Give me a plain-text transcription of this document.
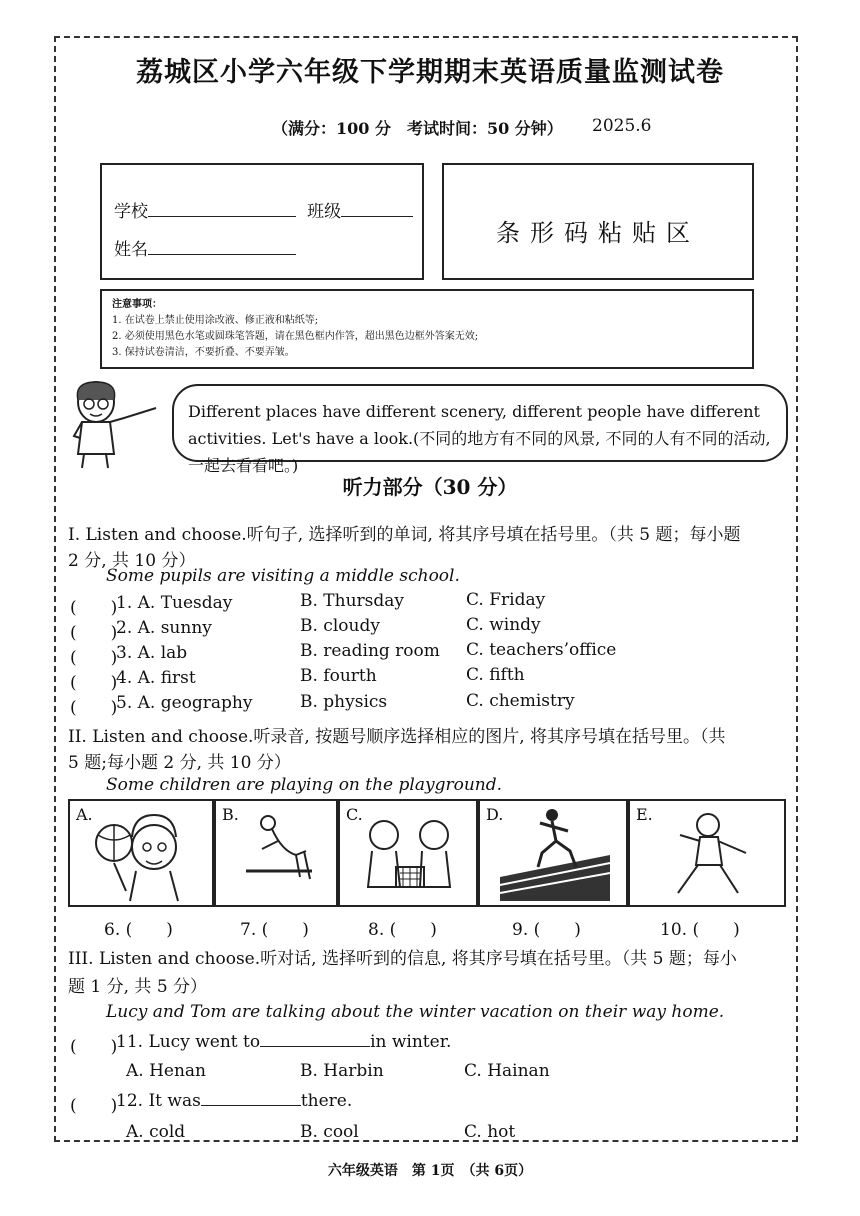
荔城区小学六年级下学期期末英语质量监测试卷
（满分：100 分　考试时间：50 分钟） 2025.6
学校	班级
姓名
条形码粘贴区
注意事项：
1. 在试卷上禁止使用涂改液、修正液和粘纸等;
2. 必须使用黑色水笔或圆珠笔答题，请在黑色框内作答，超出黑色边框外答案无效;
3. 保持试卷清洁，不要折叠、不要弄皱。
Different places have different scenery, different people have different activities. Let's have a look.(不同的地方有不同的风景, 不同的人有不同的活动, 一起去看看吧。)
听力部分（30 分）
I. Listen and choose.听句子, 选择听到的单词, 将其序号填在括号里。（共 5 题；每小题
2 分, 共 10 分）
Some pupils are visiting a middle school.
(　　)
1. A. Tuesday	B. Thursday	C. Friday
(　　)
2. A. sunny	B. cloudy	C. windy
(　　)
3. A. lab	B. reading room C. teachers’office
(　　)
4. A. first	B. fourth	C. fifth
(　　)
5. A. geography	B. physics	C. chemistry
II. Listen and choose.听录音, 按题号顺序选择相应的图片, 将其序号填在括号里。（共
5 题;每小题 2 分, 共 10 分）
Some children are playing on the playground.
A.	B.	C.	D.	E.
6. (　　)	7. (　　)	8. (　　)	9. (　　)	10. (　　)
III. Listen and choose.听对话, 选择听到的信息, 将其序号填在括号里。（共 5 题；每小
题 1 分, 共 5 分）
Lucy and Tom are talking about the winter vacation on their way home.
(　　)
11. Lucy went to	in winter.
A. Henan	B. Harbin	C. Hainan
(　　)
12. It was	there.
A. cold	B. cool	C. hot
六年级英语　第 1页　（共 6页）
